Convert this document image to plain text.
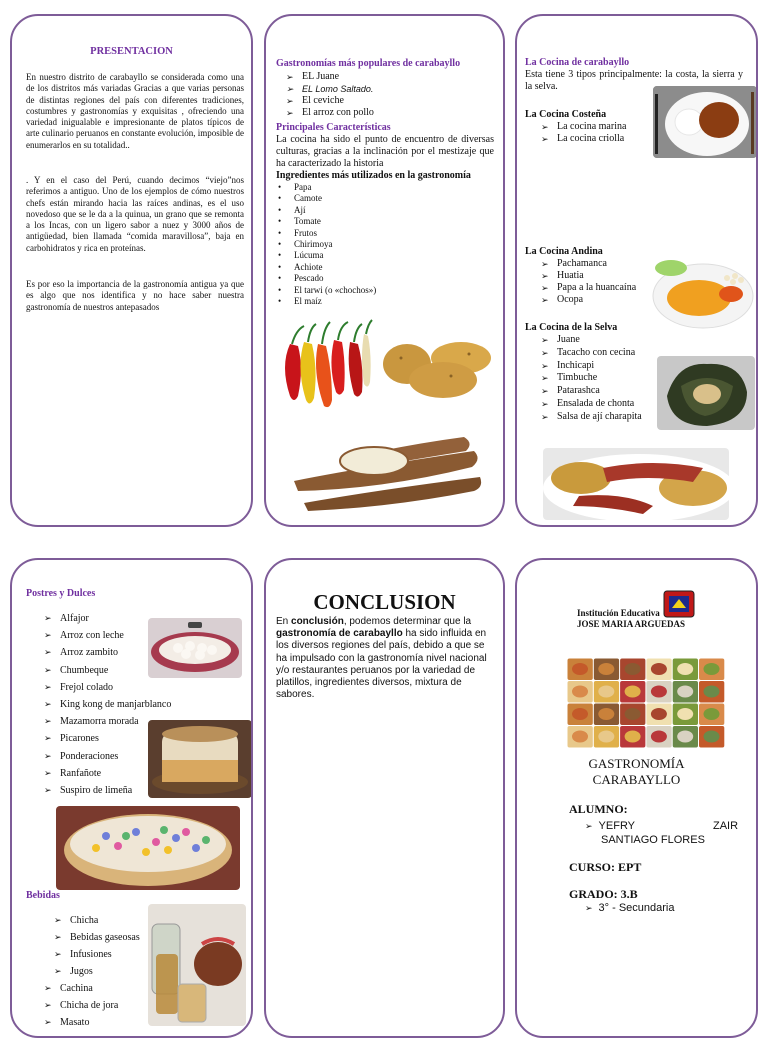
PRESENTACION
En nuestro distrito de carabayllo se considerada como una de los distritos más variadas Gracias a que varias personas de distintas regiones del país con diferentes tradiciones, costumbres y gastronomías y exquisitas , ofreciendo una variedad inigualable e impresionante de platos típicos de arte culinario peruanos en constante evolución, imposible de enumerarlos en su totalidad..
. Y en el caso del Perú, cuando decimos “viejo”nos referimos a antiguo. Uno de los ejemplos de cómo nuestros chefs están mirando hacia las raíces andinas, es el uso novedoso que se le da a la quinua, un grano que se remonta a los Incas, con un ligero sabor a nuez y 3000 años de antigüedad, bien llamada “comida maravillosa”, baja en carbohidratos y rica en proteínas.
Es por eso la importancia de la gastronomía antigua ya que es algo que nos identifica y no hace saber nuestra gastronomía de nuestros antepasados
Gastronomías más populares de carabayllo
➢ EL Juane
➢ EL Lomo Saltado.
➢ El ceviche
➢ El arroz con pollo
Principales Características
La cocina ha sido el punto de encuentro de diversas culturas, gracias a la inclinación por el mestizaje que ha caracterizado la historia
Ingredientes más utilizados en la gastronomía
• Papa
• Camote
• Ají
• Tomate
• Frutos
• Chirimoya
• Lúcuma
• Achiote
• Pescado
• El tarwi (o «chochos»)
• El maíz
La Cocina de carabayllo
Esta tiene 3 tipos principalmente: la costa, la sierra y la selva.
La Cocina Costeña
➢ La cocina marina
➢ La cocina criolla
La Cocina Andina
➢ Pachamanca
➢ Huatia
➢ Papa a la huancaína
➢ Ocopa
La Cocina de la Selva
➢ Juane
➢ Tacacho con cecina
➢ Inchicapi
➢ Timbuche
➢ Patarashca
➢ Ensalada de chonta
➢ Salsa de ají charapita
Postres y Dulces
➢ Alfajor
➢ Arroz con leche
➢ Arroz zambito
➢ Chumbeque
➢ Frejol colado
➢ King kong de manjarblanco
➢ Mazamorra morada
➢ Picarones
➢ Ponderaciones
➢ Ranfañote
➢ Suspiro de limeña
Bebidas
➢ Chicha
➢ Bebidas gaseosas
➢ Infusiones
➢ Jugos
➢ Cachina
➢ Chicha de jora
➢ Masato
CONCLUSION
En conclusión, podemos determinar que la gastronomía de carabayllo ha sido influida en los diversos regiones del país, debido a que se ha impulsado con la gastronomía nivel nacional y/o restaurantes peruanos por la variedad de platillos, ingredientes diversos, mixtura de sabores.
Institución Educativa
JOSE MARIA ARGUEDAS
GASTRONOMÍA
CARABAYLLO
ALUMNO:
➢ YEFRY	ZAIR
SANTIAGO FLORES
CURSO: EPT
GRADO: 3.B
➢ 3° - Secundaria
